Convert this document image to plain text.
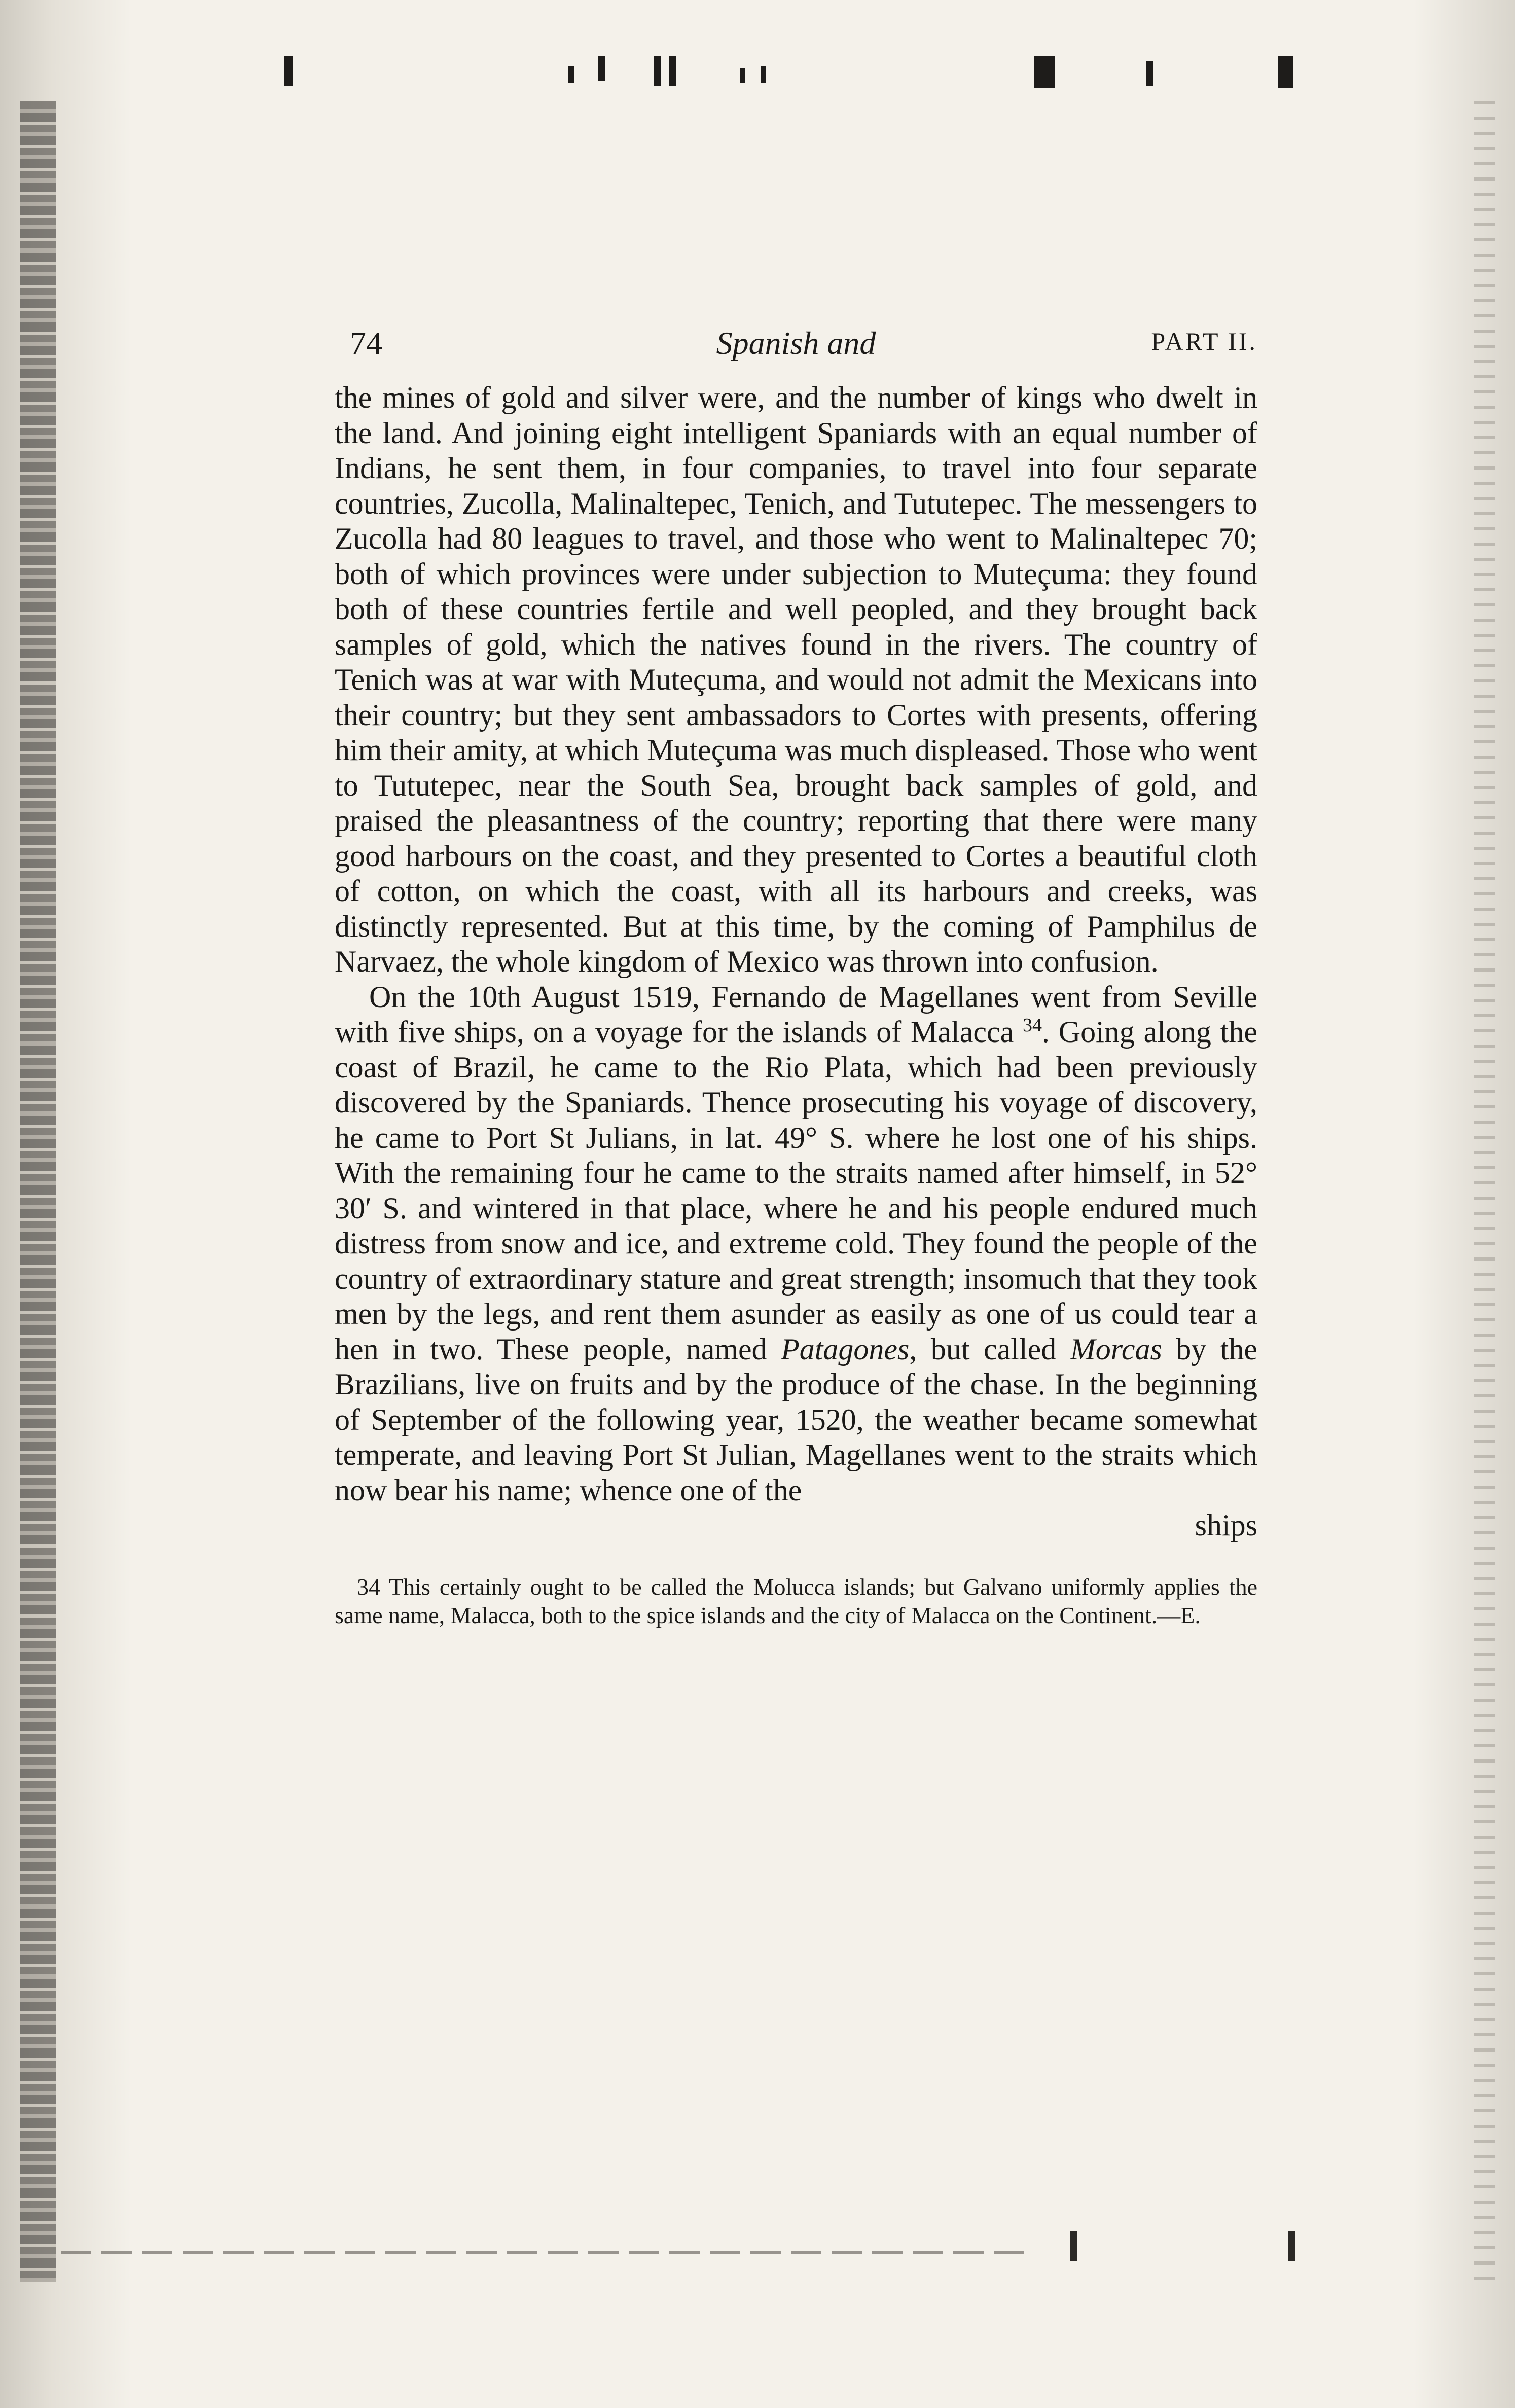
74	Spanish and	PART II.

the mines of gold and silver were, and the number of kings who dwelt in the land. And joining eight intelligent Spaniards with an equal number of Indians, he sent them, in four companies, to travel into four separate countries, Zucolla, Malinaltepec, Tenich, and Tututepec. The messengers to Zucolla had 80 leagues to travel, and those who went to Malinaltepec 70; both of which provinces were under subjection to Muteçuma: they found both of these countries fertile and well peopled, and they brought back samples of gold, which the natives found in the rivers. The country of Tenich was at war with Muteçuma, and would not admit the Mexicans into their country; but they sent ambassadors to Cortes with presents, offering him their amity, at which Muteçuma was much displeased. Those who went to Tututepec, near the South Sea, brought back samples of gold, and praised the pleasantness of the country; reporting that there were many good harbours on the coast, and they presented to Cortes a beautiful cloth of cotton, on which the coast, with all its harbours and creeks, was distinctly represented. But at this time, by the coming of Pamphilus de Narvaez, the whole kingdom of Mexico was thrown into confusion.

On the 10th August 1519, Fernando de Magellanes went from Seville with five ships, on a voyage for the islands of Malacca $^{34}$. Going along the coast of Brazil, he came to the Rio Plata, which had been previously discovered by the Spaniards. Thence prosecuting his voyage of discovery, he came to Port St Julians, in lat. 49° S. where he lost one of his ships. With the remaining four he came to the straits named after himself, in 52° 30′ S. and wintered in that place, where he and his people endured much distress from snow and ice, and extreme cold. They found the people of the country of extraordinary stature and great strength; insomuch that they took men by the legs, and rent them asunder as easily as one of us could tear a hen in two. These people, named Patagones, but called Morcas by the Brazilians, live on fruits and by the produce of the chase. In the beginning of September of the following year, 1520, the weather became somewhat temperate, and leaving Port St Julian, Magellanes went to the straits which now bear his name; whence one of the

ships
34 This certainly ought to be called the Molucca islands; but Galvano uniformly applies the same name, Malacca, both to the spice islands and the city of Malacca on the Continent.—E.
